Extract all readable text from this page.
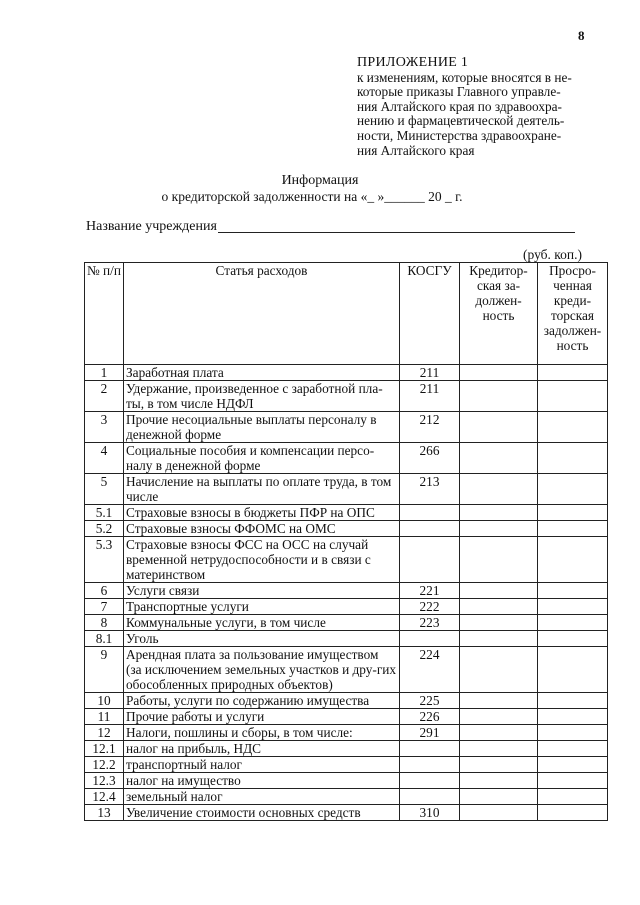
8
ПРИЛОЖЕНИЕ 1
к изменениям, которые вносятся в не-
которые приказы Главного управле-
ния Алтайского края по здравоохра-
нению и фармацевтической деятель-
ности, Министерства здравоохране-
ния Алтайского края
Информация
о кредиторской задолженности на «_ »______ 20 _ г.
Название учреждения
(руб. коп.)
№ п/п	Статья расходов	КОСГУ	Кредитор-ская за-должен-ность	Просро-ченная креди-торская задолжен-ность
1	Заработная плата	211		
2	Удержание, произведенное с заработной пла-ты, в том числе НДФЛ	211		
3	Прочие несоциальные выплаты персоналу в денежной форме	212		
4	Социальные пособия и компенсации персо-налу в денежной форме	266		
5	Начисление на выплаты по оплате труда, в том числе	213		
5.1	Страховые взносы в бюджеты ПФР на ОПС			
5.2	Страховые взносы ФФОМС на ОМС			
5.3	Страховые взносы ФСС на ОСС на случай временной нетрудоспособности и в связи с материнством			
6	Услуги связи	221		
7	Транспортные услуги	222		
8	Коммунальные услуги, в том числе	223		
8.1	Уголь			
9	Арендная плата за пользование имуществом (за исключением земельных участков и дру-гих обособленных природных объектов)	224		
10	Работы, услуги по содержанию имущества	225		
11	Прочие работы и услуги	226		
12	Налоги, пошлины и сборы, в том числе:	291		
12.1	налог на прибыль, НДС			
12.2	транспортный налог			
12.3	налог на имущество			
12.4	земельный налог			
13	Увеличение стоимости основных средств	310		
